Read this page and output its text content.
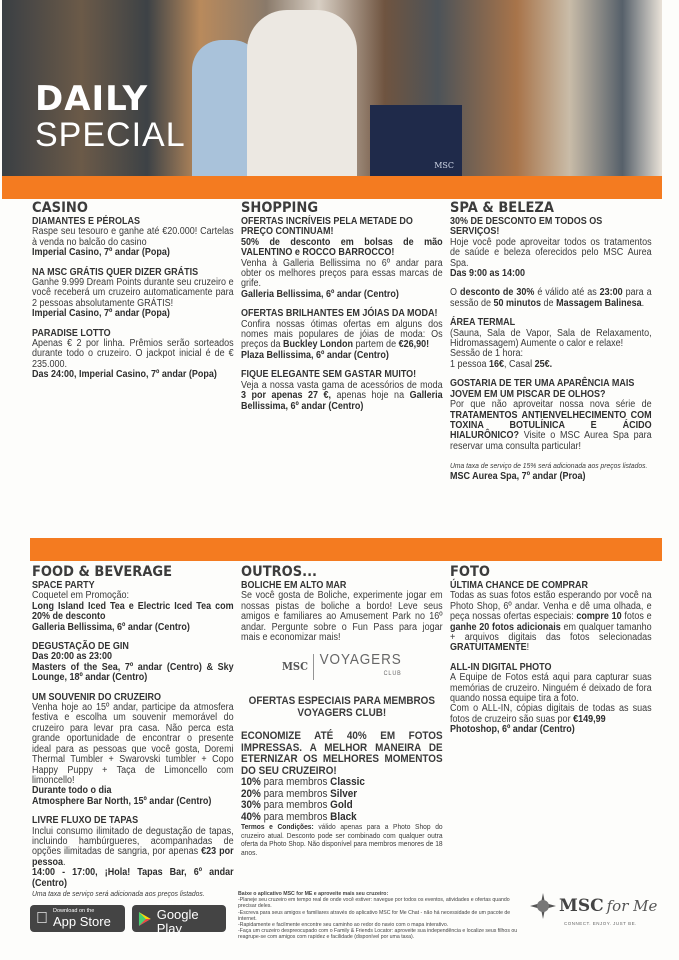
MSC
DAILY
SPECIAL
CASINO
DIAMANTES E PÉROLAS
Raspe seu tesouro e ganhe até €20.000! Cartelas à venda no balcão do casino
Imperial Casino, 7º andar (Popa)
NA MSC GRÁTIS QUER DIZER GRÁTIS
Ganhe 9.999 Dream Points durante seu cruzeiro e você receberá um cruzeiro automaticamente para 2 pessoas absolutamente GRÁTIS!
Imperial Casino, 7º andar (Popa)
PARADISE LOTTO
Apenas € 2 por linha. Prêmios serão sorteados durante todo o cruzeiro. O jackpot inicial é de € 235.000.
Das 24:00, Imperial Casino, 7º andar (Popa)
SHOPPING
OFERTAS INCRÍVEIS PELA METADE DO PREÇO CONTINUAM!
50% de desconto em bolsas de mão VALENTINO e ROCCO BARROCCO!
Venha à Galleria Bellissima no 6º andar para obter os melhores preços para essas marcas de grife.
Galleria Bellissima, 6º andar (Centro)
OFERTAS BRILHANTES EM JÓIAS DA MODA!
Confira nossas ótimas ofertas em alguns dos nomes mais populares de jóias de moda: Os preços da Buckley London partem de €26,90!
Plaza Bellissima, 6º andar (Centro)
FIQUE ELEGANTE SEM GASTAR MUITO!
Veja a nossa vasta gama de acessórios de moda 3 por apenas 27 €, apenas hoje na Galleria Bellissima, 6º andar (Centro)
SPA & BELEZA
30% DE DESCONTO EM TODOS OS SERVIÇOS!
Hoje você pode aproveitar todos os tratamentos de saúde e beleza oferecidos pelo MSC Aurea Spa.
Das 9:00 as 14:00
O desconto de 30% é válido até as 23:00 para a sessão de 50 minutos de Massagem Balinesa.
ÁREA TERMAL
(Sauna, Sala de Vapor, Sala de Relaxamento, Hidromassagem) Aumente o calor e relaxe!
Sessão de 1 hora:
1 pessoa 16€, Casal 25€.
GOSTARIA DE TER UMA APARÊNCIA MAIS JOVEM EM UM PISCAR DE OLHOS?
Por que não aproveitar nossa nova série de TRATAMENTOS ANTIENVELHECIMENTO COM TOXINA BOTULÍNICA E ÁCIDO HIALURÔNICO? Visite o MSC Aurea Spa para reservar uma consulta particular!
Uma taxa de serviço de 15% será adicionada aos preços listados.
MSC Aurea Spa, 7º andar (Proa)
FOOD & BEVERAGE
SPACE PARTY
Coquetel em Promoção:
Long Island Iced Tea e Electric Iced Tea com 20% de desconto
Galleria Bellissima, 6º andar (Centro)
DEGUSTAÇÃO DE GIN
Das 20:00 as 23:00
Masters of the Sea, 7º andar (Centro) & Sky Lounge, 18º andar (Centro)
UM SOUVENIR DO CRUZEIRO
Venha hoje ao 15º andar, participe da atmosfera festiva e escolha um souvenir memorável do cruzeiro para levar pra casa. Não perca esta grande oportunidade de encontrar o presente ideal para as pessoas que você gosta, Doremi Thermal Tumbler + Swarovski tumbler + Copo Happy Puppy + Taça de Limoncello com limoncello!
Durante todo o dia
Atmosphere Bar North, 15º andar (Centro)
LIVRE FLUXO DE TAPAS
Inclui consumo ilimitado de degustação de tapas, incluindo hambúrgueres, acompanhadas de opções ilimitadas de sangria, por apenas €23 por pessoa.
14:00 - 17:00, ¡Hola! Tapas Bar, 6º andar (Centro)
Uma taxa de serviço será adicionada aos preços listados.
OUTROS...
BOLICHE EM ALTO MAR
Se você gosta de Boliche, experimente jogar em nossas pistas de boliche a bordo! Leve seus amigos e familiares ao Amusement Park no 16º andar. Pergunte sobre o Fun Pass para jogar mais e economizar mais!
MSC VOYAGERS
CLUB
OFERTAS ESPECIAIS PARA MEMBROS VOYAGERS CLUB!
ECONOMIZE ATÉ 40% EM FOTOS IMPRESSAS. A MELHOR MANEIRA DE ETERNIZAR OS MELHORES MOMENTOS DO SEU CRUZEIRO!
10% para membros Classic
20% para membros Silver
30% para membros Gold
40% para membros Black
Termos e Condições: válido apenas para a Photo Shop do cruzeiro atual. Desconto pode ser combinado com qualquer outra oferta da Photo Shop. Não disponível para membros menores de 18 anos.
FOTO
ÚLTIMA CHANCE DE COMPRAR
Todas as suas fotos estão esperando por você na Photo Shop, 6º andar. Venha e dê uma olhada, e peça nossas ofertas especiais: compre 10 fotos e ganhe 20 fotos adicionais em qualquer tamanho + arquivos digitais das fotos selecionadas GRATUITAMENTE!
ALL-IN DIGITAL PHOTO
A Equipe de Fotos está aqui para capturar suas memórias de cruzeiro. Ninguém é deixado de fora quando nossa equipe tira a foto.
Com o ALL-IN, cópias digitais de todas as suas fotos de cruzeiro são suas por €149,99
Photoshop, 6º andar (Centro)
Download on the
App Store
GET IT ON
Google Play
Baixe o aplicativo MSC for ME e aproveite mais seu cruzeiro:
-Planeje seu cruzeiro em tempo real de onde você estiver: navegue por todos os eventos, atividades e ofertas quando precisar deles.
-Escreva para seus amigos e familiares através do aplicativo MSC for Me Chat - não há necessidade de um pacote de internet.
-Rapidamente e facilmente encontre seu caminho ao redor do navio com o mapa interativo.
-Faça um cruzeiro despreocupado com o Family & Friends Locator: aproveite sua independência e localize seus filhos ou reagrupe-se com amigos com rapidez e facilidade (disponível por uma taxa).
MSC for Me
CONNECT. ENJOY. JUST BE.
